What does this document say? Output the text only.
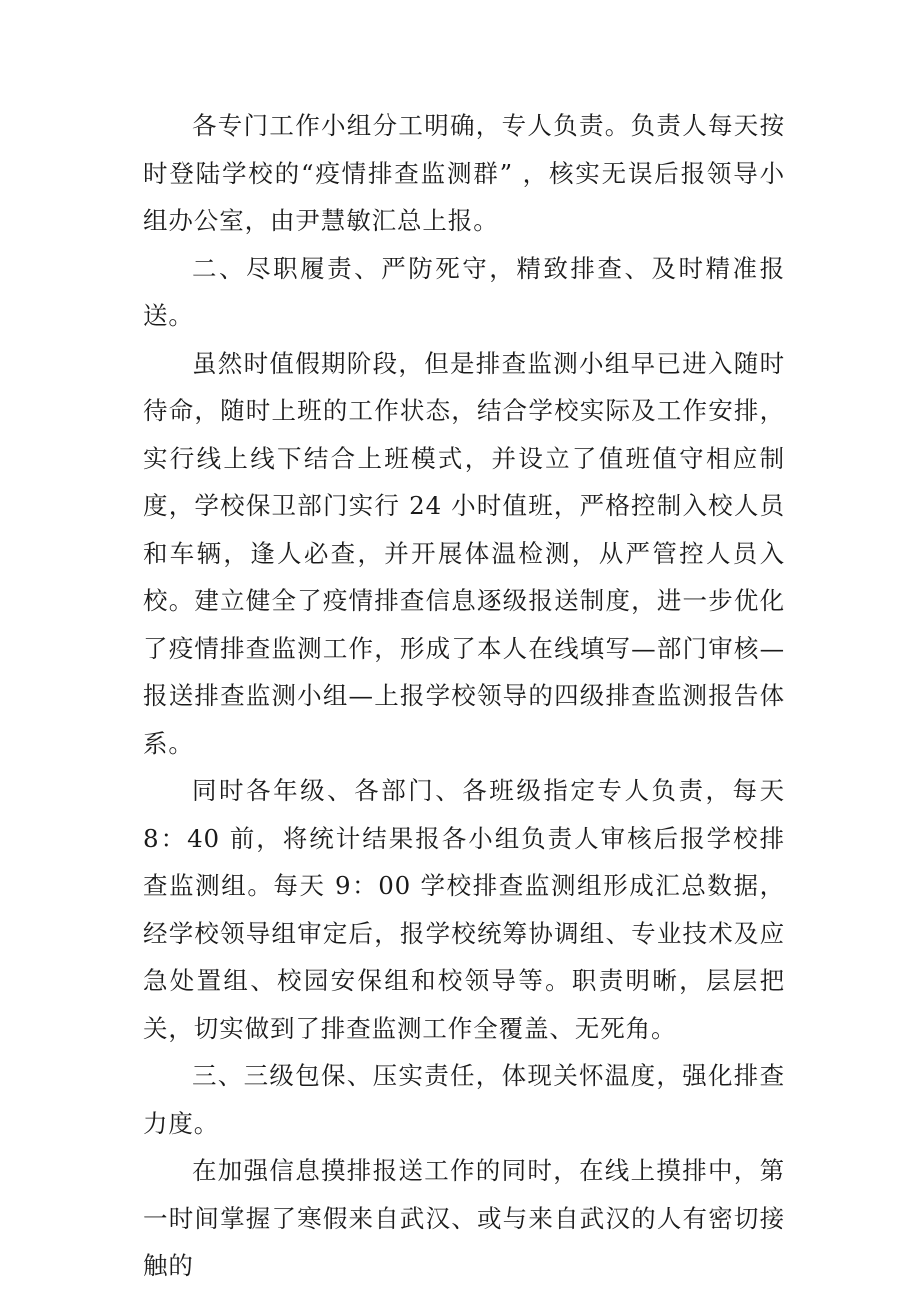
各专门工作小组分工明确，专人负责。负责人每天按时登陆学校的“疫情排查监测群” ，核实无误后报领导小组办公室，由尹慧敏汇总上报。

二、尽职履责、严防死守，精致排查、及时精准报送。

虽然时值假期阶段，但是排查监测小组早已进入随时待命，随时上班的工作状态，结合学校实际及工作安排，实行线上线下结合上班模式，并设立了值班值守相应制度，学校保卫部门实行 24 小时值班，严格控制入校人员和车辆，逢人必查，并开展体温检测，从严管控人员入校。建立健全了疫情排查信息逐级报送制度，进一步优化了疫情排查监测工作，形成了本人在线填写—部门审核—报送排查监测小组—上报学校领导的四级排查监测报告体系。

同时各年级、各部门、各班级指定专人负责，每天 8：40 前，将统计结果报各小组负责人审核后报学校排查监测组。每天 9：00 学校排查监测组形成汇总数据，经学校领导组审定后，报学校统筹协调组、专业技术及应急处置组、校园安保组和校领导等。职责明晰，层层把关，切实做到了排查监测工作全覆盖、无死角。

三、三级包保、压实责任，体现关怀温度，强化排查力度。

在加强信息摸排报送工作的同时，在线上摸排中，第一时间掌握了寒假来自武汉、或与来自武汉的人有密切接触的
